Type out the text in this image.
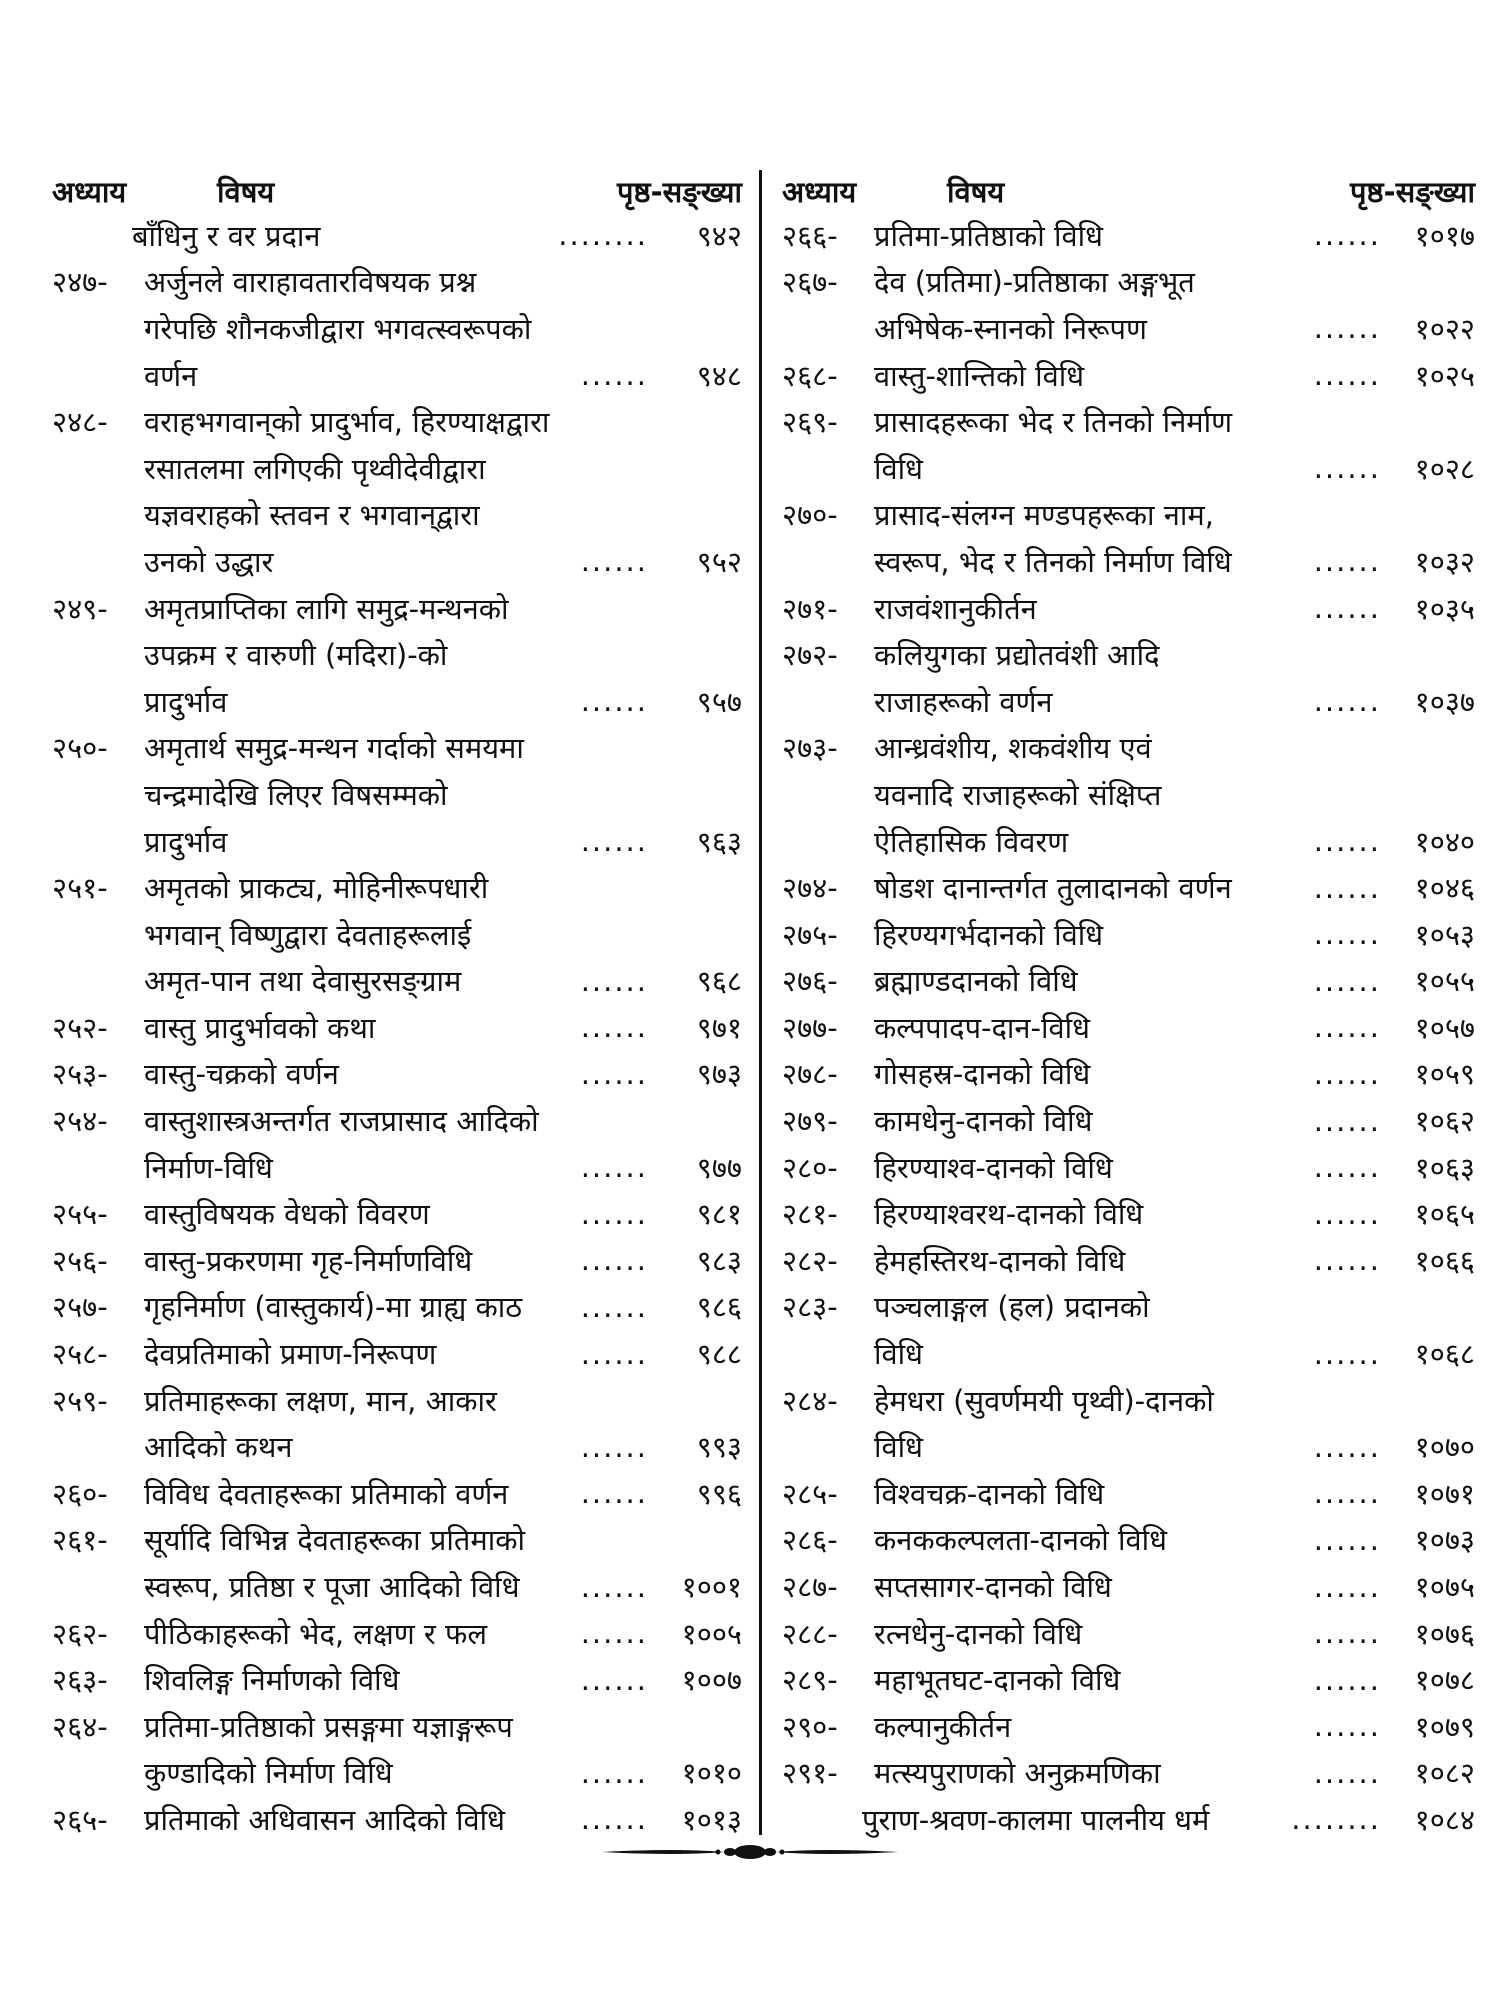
अध्याय	विषय	पृष्ठ-सङ्ख्या
बाँधिनु र वर प्रदान	........	९४२
२४७-	अर्जुनले वाराहावतारविषयक प्रश्न
गरेपछि शौनकजीद्वारा भगवत्स्वरूपको
वर्णन	......	९४८
२४८-	वराहभगवान्‌को प्रादुर्भाव, हिरण्याक्षद्वारा
रसातलमा लगिएकी पृथ्वीदेवीद्वारा
यज्ञवराहको स्तवन र भगवान्‌द्वारा
उनको उद्धार	......	९५२
२४९-	अमृतप्राप्तिका लागि समुद्र-मन्थनको
उपक्रम र वारुणी (मदिरा)-को
प्रादुर्भाव	......	९५७
२५०-	अमृतार्थ समुद्र-मन्थन गर्दाको समयमा
चन्द्रमादेखि लिएर विषसम्मको
प्रादुर्भाव	......	९६३
२५१-	अमृतको प्राकट्य, मोहिनीरूपधारी
भगवान् विष्णुद्वारा देवताहरूलाई
अमृत-पान तथा देवासुरसङ्ग्राम	......	९६८
२५२-	वास्तु प्रादुर्भावको कथा	......	९७१
२५३-	वास्तु-चक्रको वर्णन	......	९७३
२५४-	वास्तुशास्त्रअन्तर्गत राजप्रासाद आदिको
निर्माण-विधि	......	९७७
२५५-	वास्तुविषयक वेधको विवरण	......	९८१
२५६-	वास्तु-प्रकरणमा गृह-निर्माणविधि	......	९८३
२५७-	गृहनिर्माण (वास्तुकार्य)-मा ग्राह्य काठ	......	९८६
२५८-	देवप्रतिमाको प्रमाण-निरूपण	......	९८८
२५९-	प्रतिमाहरूका लक्षण, मान, आकार
आदिको कथन	......	९९३
२६०-	विविध देवताहरूका प्रतिमाको वर्णन	......	९९६
२६१-	सूर्यादि विभिन्न देवताहरूका प्रतिमाको
स्वरूप, प्रतिष्ठा र पूजा आदिको विधि	......	१००१
२६२-	पीठिकाहरूको भेद, लक्षण र फल	......	१००५
२६३-	शिवलिङ्ग निर्माणको विधि	......	१००७
२६४-	प्रतिमा-प्रतिष्ठाको प्रसङ्गमा यज्ञाङ्गरूप
कुण्डादिको निर्माण विधि	......	१०१०
२६५-	प्रतिमाको अधिवासन आदिको विधि	......	१०१३
अध्याय	विषय	पृष्ठ-सङ्ख्या
२६६-	प्रतिमा-प्रतिष्ठाको विधि	......	१०१७
२६७-	देव (प्रतिमा)-प्रतिष्ठाका अङ्गभूत
अभिषेक-स्नानको निरूपण	......	१०२२
२६८-	वास्तु-शान्तिको विधि	......	१०२५
२६९-	प्रासादहरूका भेद र तिनको निर्माण
विधि	......	१०२८
२७०-	प्रासाद-संलग्न मण्डपहरूका नाम,
स्वरूप, भेद र तिनको निर्माण विधि	......	१०३२
२७१-	राजवंशानुकीर्तन	......	१०३५
२७२-	कलियुगका प्रद्योतवंशी आदि
राजाहरूको वर्णन	......	१०३७
२७३-	आन्ध्रवंशीय, शकवंशीय एवं
यवनादि राजाहरूको संक्षिप्त
ऐतिहासिक विवरण	......	१०४०
२७४-	षोडश दानान्तर्गत तुलादानको वर्णन	......	१०४६
२७५-	हिरण्यगर्भदानको विधि	......	१०५३
२७६-	ब्रह्माण्डदानको विधि	......	१०५५
२७७-	कल्पपादप-दान-विधि	......	१०५७
२७८-	गोसहस्र-दानको विधि	......	१०५९
२७९-	कामधेनु-दानको विधि	......	१०६२
२८०-	हिरण्याश्व-दानको विधि	......	१०६३
२८१-	हिरण्याश्वरथ-दानको विधि	......	१०६५
२८२-	हेमहस्तिरथ-दानको विधि	......	१०६६
२८३-	पञ्चलाङ्गल (हल) प्रदानको
विधि	......	१०६८
२८४-	हेमधरा (सुवर्णमयी पृथ्वी)-दानको
विधि	......	१०७०
२८५-	विश्वचक्र-दानको विधि	......	१०७१
२८६-	कनककल्पलता-दानको विधि	......	१०७३
२८७-	सप्तसागर-दानको विधि	......	१०७५
२८८-	रत्नधेनु-दानको विधि	......	१०७६
२८९-	महाभूतघट-दानको विधि	......	१०७८
२९०-	कल्पानुकीर्तन	......	१०७९
२९१-	मत्स्यपुराणको अनुक्रमणिका	......	१०८२
पुराण-श्रवण-कालमा पालनीय धर्म	........	१०८४
